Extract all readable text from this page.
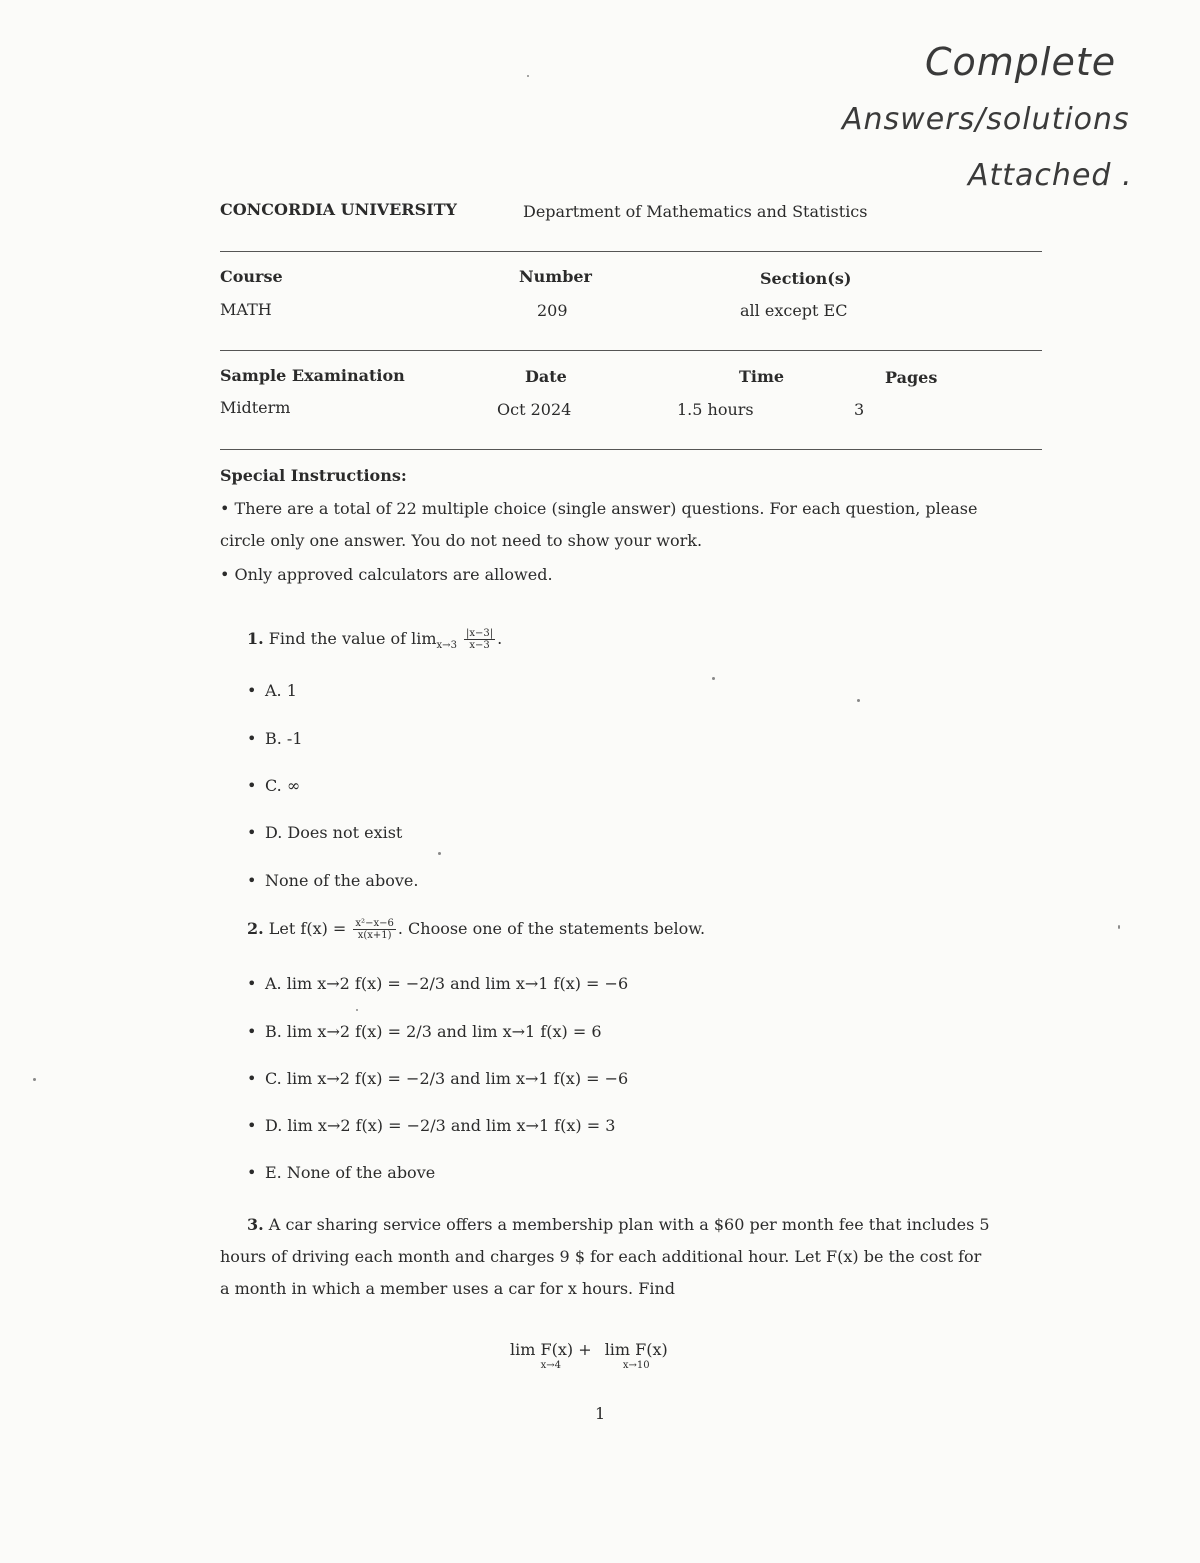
Complete
Answers/solutions
Attached .
CONCORDIA UNIVERSITY	Department of Mathematics and Statistics
Course
MATH
Number
209
Section(s)
all except EC
Sample Examination
Midterm
Date
Oct 2024
Time
1.5 hours
Pages
3
Special Instructions:
• There are a total of 22 multiple choice (single answer) questions. For each question, please
circle only one answer. You do not need to show your work.
• Only approved calculators are allowed.
1. Find the value of $\lim_{x\to 3} \frac{|x-3|}{x-3}$ .
• A. 1
• B. -1
• C. ∞
• D. Does not exist
• None of the above.
2. Let $f(x) = \frac{\text{x²−x−6}}{x(x+1)}$ . Choose one of the statements below.
• A. lim x→2 f(x) = −2/3 and lim x→1 f(x) = −6
• B. lim x→2 f(x) = 2/3 and lim x→1 f(x) = 6
• C. lim x→2 f(x) = −2/3 and lim x→1 f(x) = −6
• D. lim x→2 f(x) = −2/3 and lim x→1 f(x) = 3
• E. None of the above
3. A car sharing service offers a membership plan with a $60 per month fee that includes 5
hours of driving each month and charges 9 $ for each additional hour. Let F(x) be the cost for
a month in which a member uses a car for x hours. Find
lim F(x) +
x→4
lim F(x)
x→10
1
